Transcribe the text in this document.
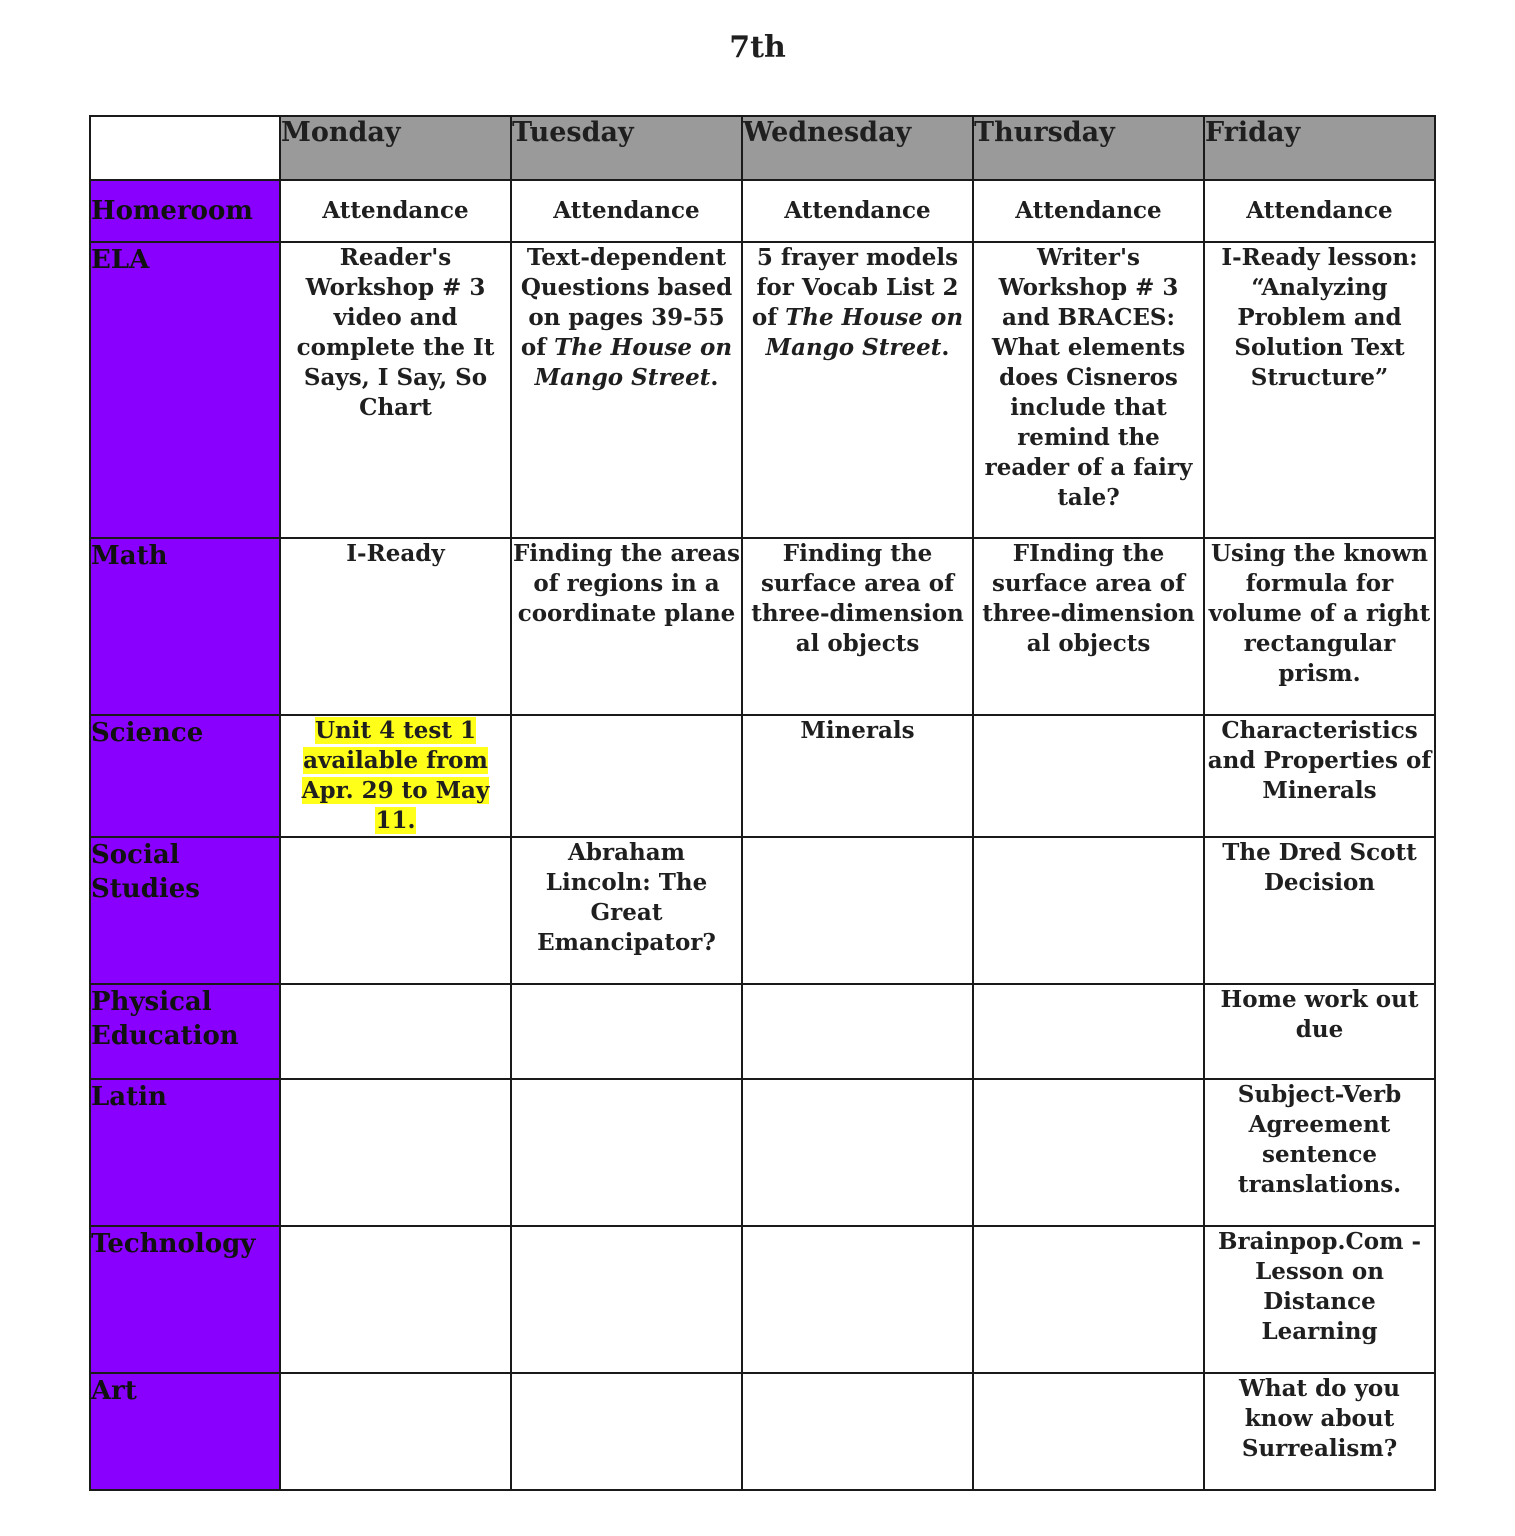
7th
	Monday	Tuesday	Wednesday	Thursday	Friday
Homeroom	Attendance	Attendance	Attendance	Attendance	Attendance
ELA	Reader's Workshop # 3 video and complete the It Says, I Say, So Chart	Text-dependent Questions based on pages 39-55 of The House on Mango Street.	5 frayer models for Vocab List 2 of The House on Mango Street.	Writer's Workshop # 3 and BRACES: What elements does Cisneros include that remind the reader of a fairy tale?	I-Ready lesson: “Analyzing Problem and Solution Text Structure”
Math	I-Ready	Finding the areas of regions in a coordinate plane	Finding the surface area of three-dimension al objects	FInding the surface area of three-dimension al objects	Using the known formula for volume of a right rectangular prism.
Science	Unit 4 test 1 available from Apr. 29 to May 11.		Minerals		Characteristics and Properties of Minerals
Social Studies		Abraham Lincoln: The Great Emancipator?			The Dred Scott Decision
Physical Education					Home work out due
Latin					Subject-Verb Agreement sentence translations.
Technology					Brainpop.Com -Lesson on Distance Learning
Art					What do you know about Surrealism?
